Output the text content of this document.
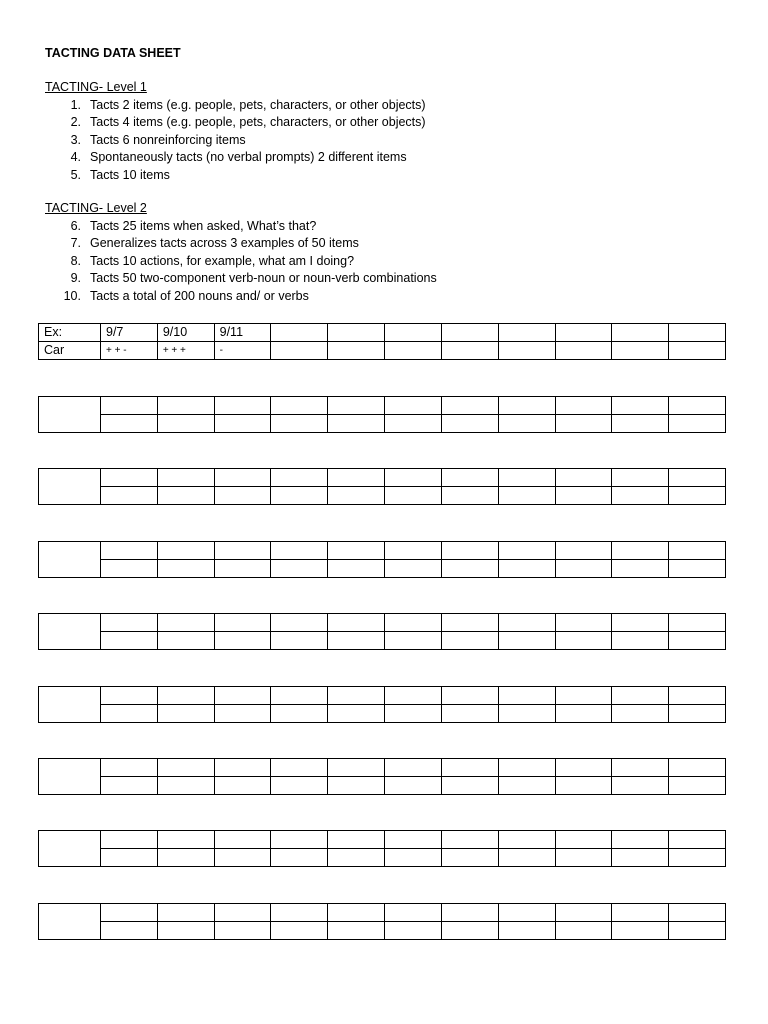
TACTING DATA SHEET
TACTING- Level 1
1. Tacts 2 items (e.g. people, pets, characters, or other objects)
2. Tacts 4 items (e.g. people, pets, characters, or other objects)
3. Tacts 6 nonreinforcing items
4. Spontaneously tacts (no verbal prompts) 2 different items
5. Tacts 10 items
TACTING- Level 2
6. Tacts 25 items when asked, What’s that?
7. Generalizes tacts across 3 examples of 50 items
8. Tacts 10 actions, for example, what am I doing?
9. Tacts 50 two-component verb-noun or noun-verb combinations
10. Tacts a total of 200 nouns and/ or verbs
Ex:	9/7	9/10	9/11								
Car	+ + -	+ + +	-								
